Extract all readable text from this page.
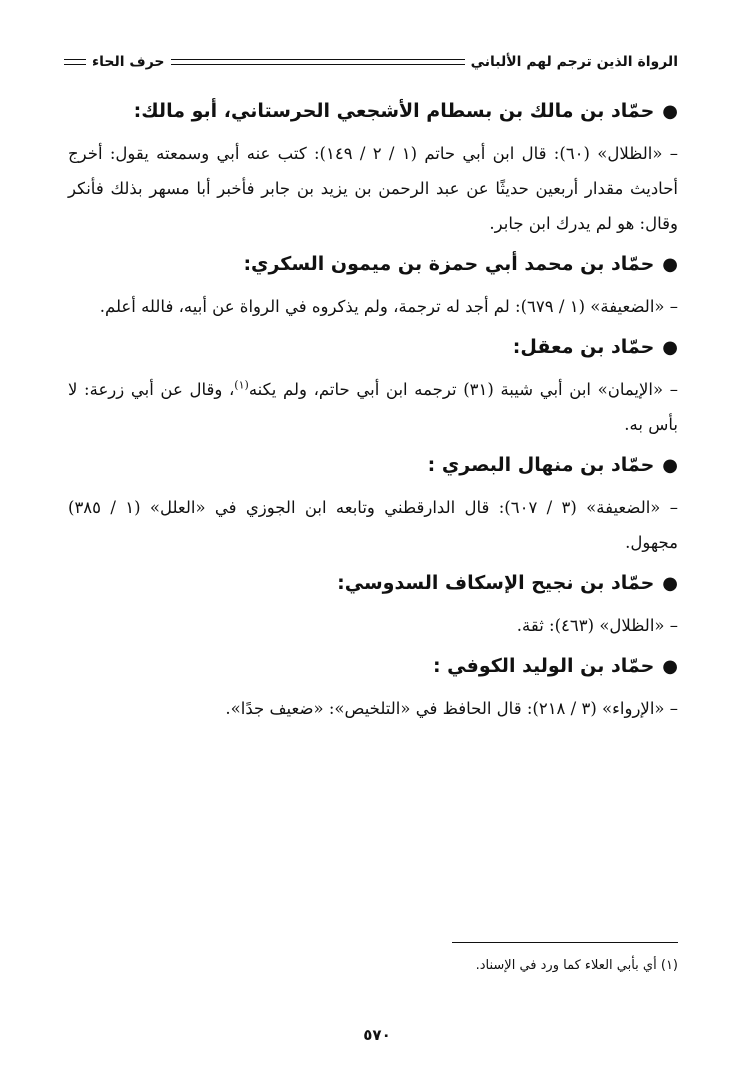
الرواة الذين ترجم لهم الألباني
حرف الحاء
●حمّاد بن مالك بن بسطام الأشجعي الحرستاني، أبو مالك:

– «الظلال» (٦٠): قال ابن أبي حاتم (١ / ٢ / ١٤٩): كتب عنه أبي وسمعته يقول: أخرج أحاديث مقدار أربعين حديثًا عن عبد الرحمن بن يزيد بن جابر فأخبر أبا مسهر بذلك فأنكر وقال: هو لم يدرك ابن جابر.

●حمّاد بن محمد أبي حمزة بن ميمون السكري:

– «الضعيفة» (١ / ٦٧٩): لم أجد له ترجمة، ولم يذكروه في الرواة عن أبيه، فالله أعلم.

●حمّاد بن معقل:

– «الإيمان» ابن أبي شيبة (٣١) ترجمه ابن أبي حاتم، ولم يكنه$^{(١)}$، وقال عن أبي زرعة: لا بأس به.

●حمّاد بن منهال البصري :

– «الضعيفة» (٣ / ٦٠٧): قال الدارقطني وتابعه ابن الجوزي في «العلل» (١ / ٣٨٥) مجهول.

●حمّاد بن نجيح الإسكاف السدوسي:

– «الظلال» (٤٦٣): ثقة.

●حمّاد بن الوليد الكوفي :

– «الإرواء» (٣ / ٢١٨): قال الحافظ في «التلخيص»: «ضعيف جدًا».

(١) أي بأبي العلاء كما ورد في الإسناد.
٥٧٠
